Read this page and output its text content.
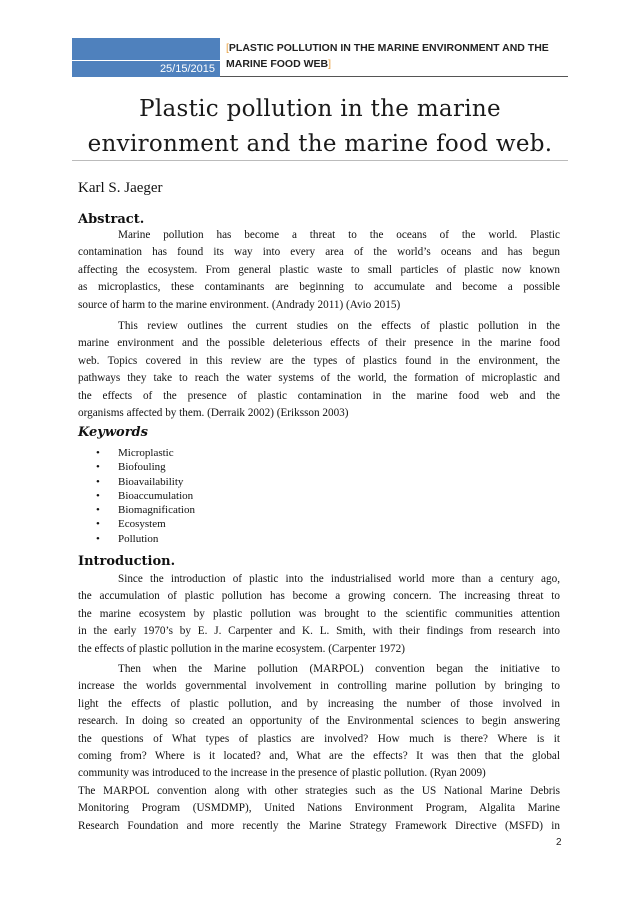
25/15/2015
[PLASTIC POLLUTION IN THE MARINE ENVIRONMENT AND THE MARINE FOOD WEB]
Plastic pollution in the marine
environment and the marine food web.
Karl S. Jaeger
Abstract.
Marine pollution has become a threat to the oceans of the world. Plastic
contamination has found its way into every area of the world’s oceans and has begun
affecting the ecosystem. From general plastic waste to small particles of plastic now known
as microplastics, these contaminants are beginning to accumulate and become a possible
source of harm to the marine environment. (Andrady 2011) (Avio 2015)
This review outlines the current studies on the effects of plastic pollution in the
marine environment and the possible deleterious effects of their presence in the marine food
web. Topics covered in this review are the types of plastics found in the environment, the
pathways they take to reach the water systems of the world, the formation of microplastic and
the effects of the presence of plastic contamination in the marine food web and the
organisms affected by them. (Derraik 2002) (Eriksson 2003)
Keywords
• Microplastic
• Biofouling
• Bioavailability
• Bioaccumulation
• Biomagnification
• Ecosystem
• Pollution
Introduction.
Since the introduction of plastic into the industrialised world more than a century ago,
the accumulation of plastic pollution has become a growing concern. The increasing threat to
the marine ecosystem by plastic pollution was brought to the scientific communities attention
in the early 1970’s by E. J. Carpenter and K. L. Smith, with their findings from research into
the effects of plastic pollution in the marine ecosystem. (Carpenter 1972)
Then when the Marine pollution (MARPOL) convention began the initiative to
increase the worlds governmental involvement in controlling marine pollution by bringing to
light the effects of plastic pollution, and by increasing the number of those involved in
research. In doing so created an opportunity of the Environmental sciences to begin answering
the questions of What types of plastics are involved? How much is there? Where is it
coming from? Where is it located? and, What are the effects? It was then that the global
community was introduced to the increase in the presence of plastic pollution. (Ryan 2009)
The MARPOL convention along with other strategies such as the US National Marine Debris
Monitoring Program (USMDMP), United Nations Environment Program, Algalita Marine
Research Foundation and more recently the Marine Strategy Framework Directive (MSFD) in
2
